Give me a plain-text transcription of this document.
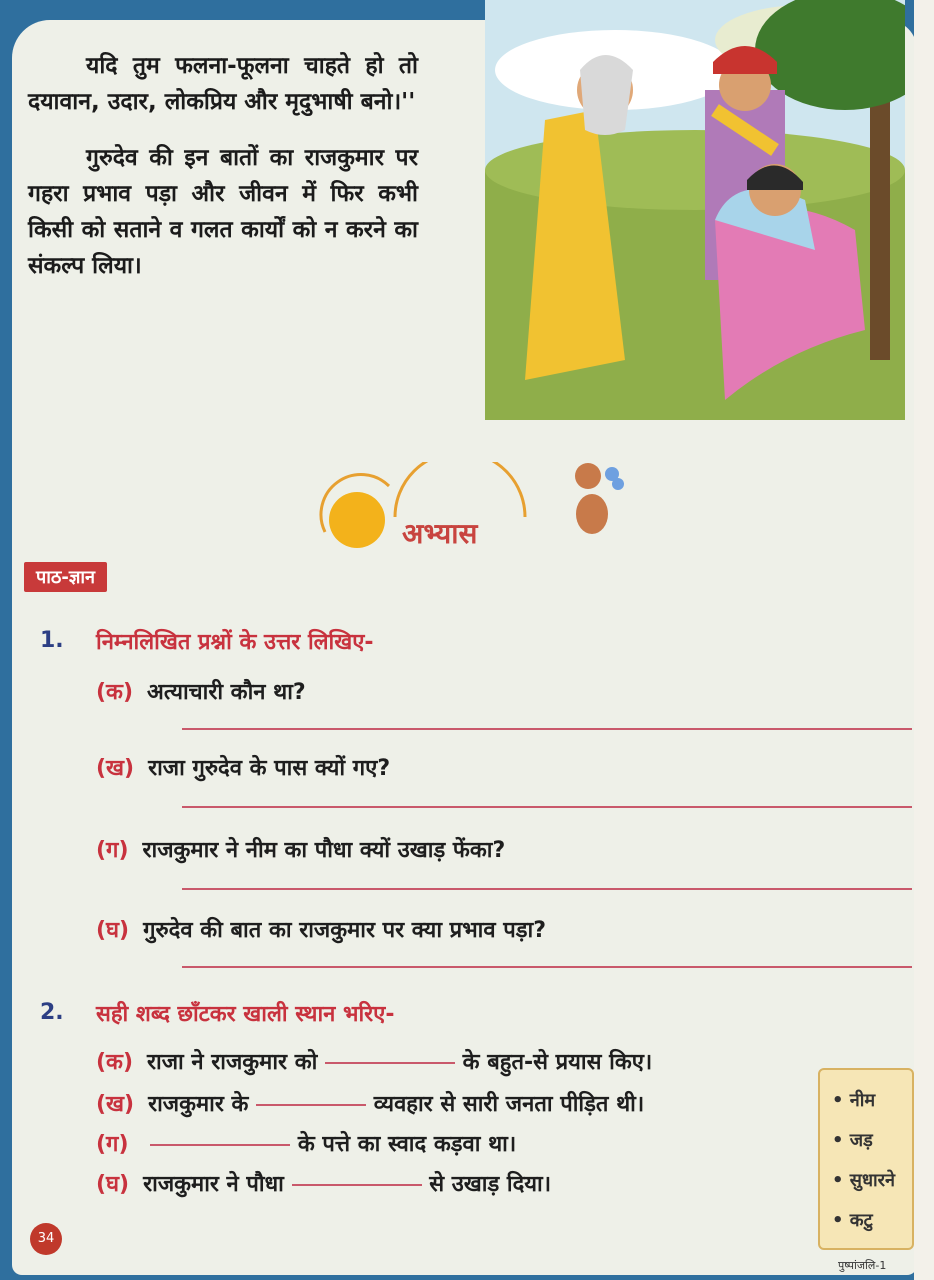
यदि तुम फलना-फूलना चाहते हो तो दयावान, उदार, लोकप्रिय और मृदुभाषी बनो।''

गुरुदेव की इन बातों का राजकुमार पर गहरा प्रभाव पड़ा और जीवन में फिर कभी किसी को सताने व गलत कार्यों को न करने का संकल्प लिया।

अभ्यास
पाठ-ज्ञान
1. निम्नलिखित प्रश्नों के उत्तर लिखिए-
(क) अत्याचारी कौन था?
(ख) राजा गुरुदेव के पास क्यों गए?
(ग) राजकुमार ने नीम का पौधा क्यों उखाड़ फेंका?
(घ) गुरुदेव की बात का राजकुमार पर क्या प्रभाव पड़ा?
2. सही शब्द छाँटकर खाली स्थान भरिए-
(क) राजा ने राजकुमार को	के बहुत-से प्रयास किए।
(ख) राजकुमार के	व्यवहार से सारी जनता पीड़ित थी।
(ग)	के पत्ते का स्वाद कड़वा था।
(घ) राजकुमार ने पौधा	से उखाड़ दिया।
• नीम
• जड़
• सुधारने
• कटु
34
पुष्पांजलि-1
